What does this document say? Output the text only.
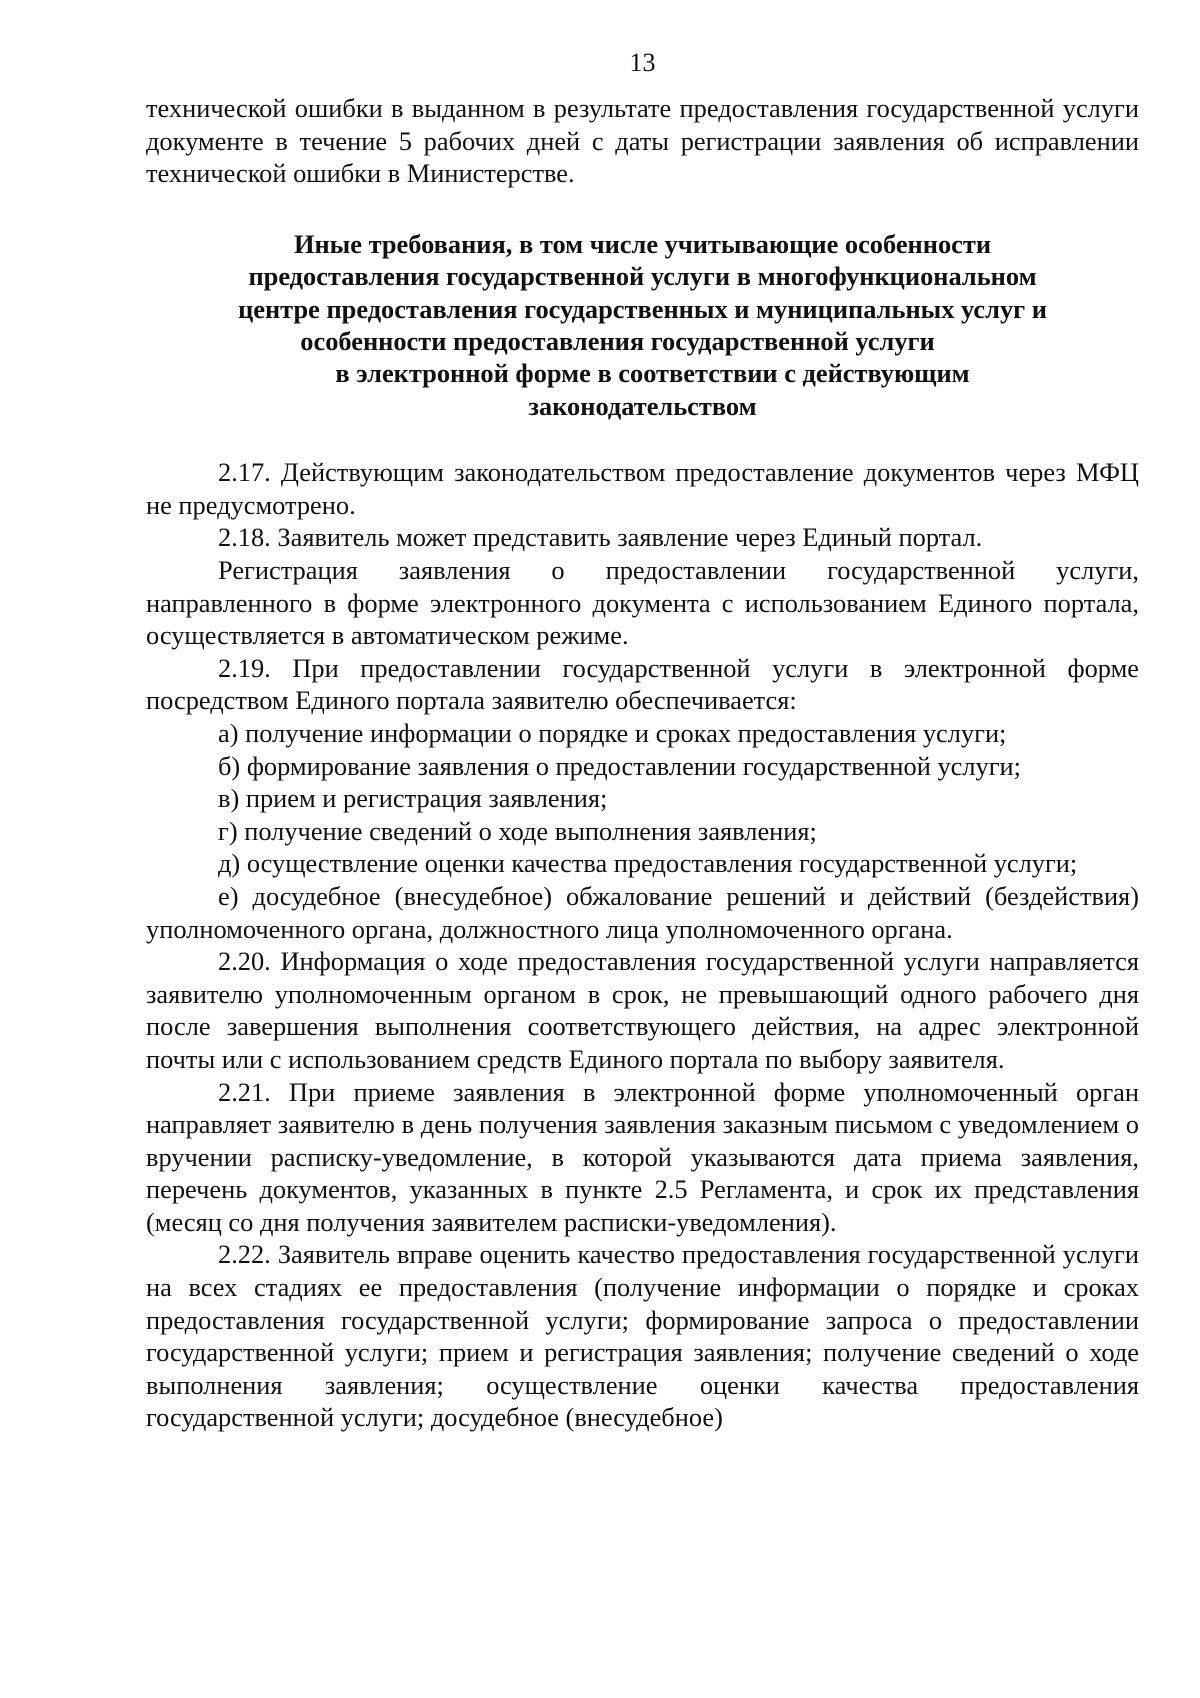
13

технической ошибки в выданном в результате предоставления государственной услуги документе в течение 5 рабочих дней с даты регистрации заявления об исправлении технической ошибки в Министерстве.

Иные требования, в том числе учитывающие особенности
предоставления государственной услуги в многофункциональном
центре предоставления государственных и муниципальных услуг и
особенности предоставления государственной услуги
в электронной форме в соответствии с действующим
законодательством

2.17. Действующим законодательством предоставление документов через МФЦ не предусмотрено.

2.18. Заявитель может представить заявление через Единый портал.

Регистрация заявления о предоставлении государственной услуги, направленного в форме электронного документа с использованием Единого портала, осуществляется в автоматическом режиме.

2.19. При предоставлении государственной услуги в электронной форме посредством Единого портала заявителю обеспечивается:

а) получение информации о порядке и сроках предоставления услуги;

б) формирование заявления о предоставлении государственной услуги;

в) прием и регистрация заявления;

г) получение сведений о ходе выполнения заявления;

д) осуществление оценки качества предоставления государственной услуги;

е) досудебное (внесудебное) обжалование решений и действий (бездействия) уполномоченного органа, должностного лица уполномоченного органа.

2.20. Информация о ходе предоставления государственной услуги направляется заявителю уполномоченным органом в срок, не превышающий одного рабочего дня после завершения выполнения соответствующего действия, на адрес электронной почты или с использованием средств Единого портала по выбору заявителя.

2.21. При приеме заявления в электронной форме уполномоченный орган направляет заявителю в день получения заявления заказным письмом с уведомлением о вручении расписку-уведомление, в которой указываются дата приема заявления, перечень документов, указанных в пункте 2.5 Регламента, и срок их представления (месяц со дня получения заявителем расписки-уведомления).

2.22. Заявитель вправе оценить качество предоставления государственной услуги на всех стадиях ее предоставления (получение информации о порядке и сроках предоставления государственной услуги; формирование запроса о предоставлении государственной услуги; прием и регистрация заявления; получение сведений о ходе выполнения заявления; осуществление оценки качества предоставления государственной услуги; досудебное (внесудебное)
